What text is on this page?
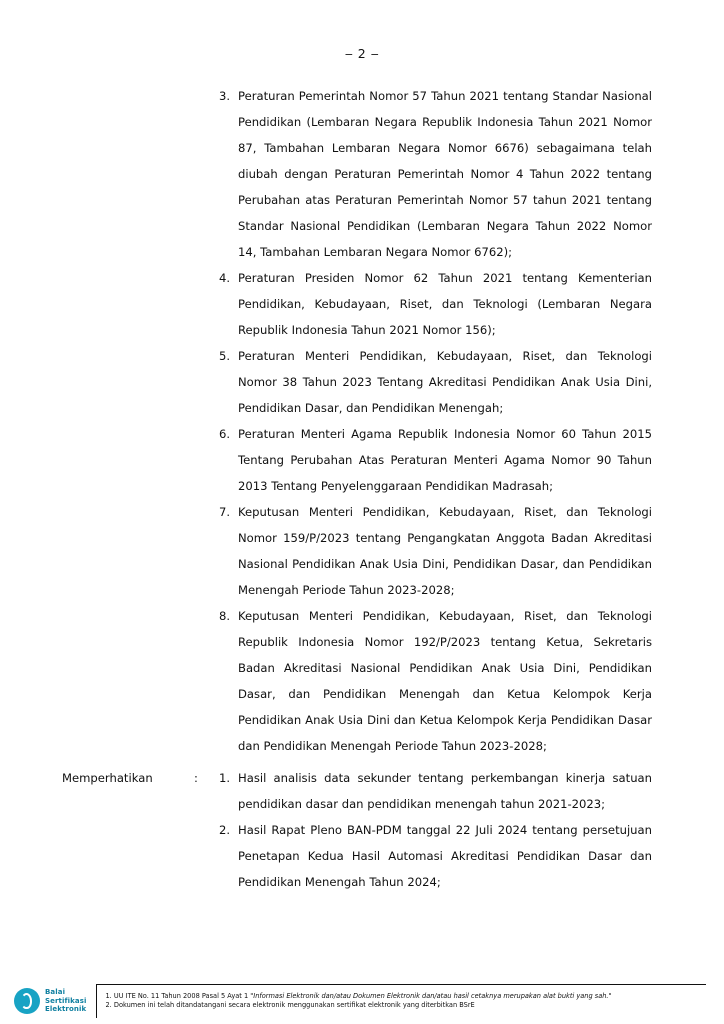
‒ 2 ‒
3. Peraturan Pemerintah Nomor 57 Tahun 2021 tentang Standar Nasional Pendidikan (Lembaran Negara Republik Indonesia Tahun 2021 Nomor 87, Tambahan Lembaran Negara Nomor 6676) sebagaimana telah diubah dengan Peraturan Pemerintah Nomor 4 Tahun 2022 tentang Perubahan atas Peraturan Pemerintah Nomor 57 tahun 2021 tentang Standar Nasional Pendidikan (Lembaran Negara Tahun 2022 Nomor 14, Tambahan Lembaran Negara Nomor 6762);
4. Peraturan Presiden Nomor 62 Tahun 2021 tentang Kementerian Pendidikan, Kebudayaan, Riset, dan Teknologi (Lembaran Negara Republik Indonesia Tahun 2021 Nomor 156);
5. Peraturan Menteri Pendidikan, Kebudayaan, Riset, dan Teknologi Nomor 38 Tahun 2023 Tentang Akreditasi Pendidikan Anak Usia Dini, Pendidikan Dasar, dan Pendidikan Menengah;
6. Peraturan Menteri Agama Republik Indonesia Nomor 60 Tahun 2015 Tentang Perubahan Atas Peraturan Menteri Agama Nomor 90 Tahun 2013 Tentang Penyelenggaraan Pendidikan Madrasah;
7. Keputusan Menteri Pendidikan, Kebudayaan, Riset, dan Teknologi Nomor 159/P/2023 tentang Pengangkatan Anggota Badan Akreditasi Nasional Pendidikan Anak Usia Dini, Pendidikan Dasar, dan Pendidikan Menengah Periode Tahun 2023-2028;
8. Keputusan Menteri Pendidikan, Kebudayaan, Riset, dan Teknologi Republik Indonesia Nomor 192/P/2023 tentang Ketua, Sekretaris Badan Akreditasi Nasional Pendidikan Anak Usia Dini, Pendidikan Dasar, dan Pendidikan Menengah dan Ketua Kelompok Kerja Pendidikan Anak Usia Dini dan Ketua Kelompok Kerja Pendidikan Dasar dan Pendidikan Menengah Periode Tahun 2023-2028;
Memperhatikan	:	1. Hasil analisis data sekunder tentang perkembangan kinerja satuan pendidikan dasar dan pendidikan menengah tahun 2021-2023;
2. Hasil Rapat Pleno BAN-PDM tanggal 22 Juli 2024 tentang persetujuan Penetapan Kedua Hasil Automasi Akreditasi Pendidikan Dasar dan Pendidikan Menengah Tahun 2024;
Balai
Sertifikasi
Elektronik
1. UU ITE No. 11 Tahun 2008 Pasal 5 Ayat 1 "Informasi Elektronik dan/atau Dokumen Elektronik dan/atau hasil cetaknya merupakan alat bukti yang sah."
2. Dokumen ini telah ditandatangani secara elektronik menggunakan sertifikat elektronik yang diterbitkan BSrE
